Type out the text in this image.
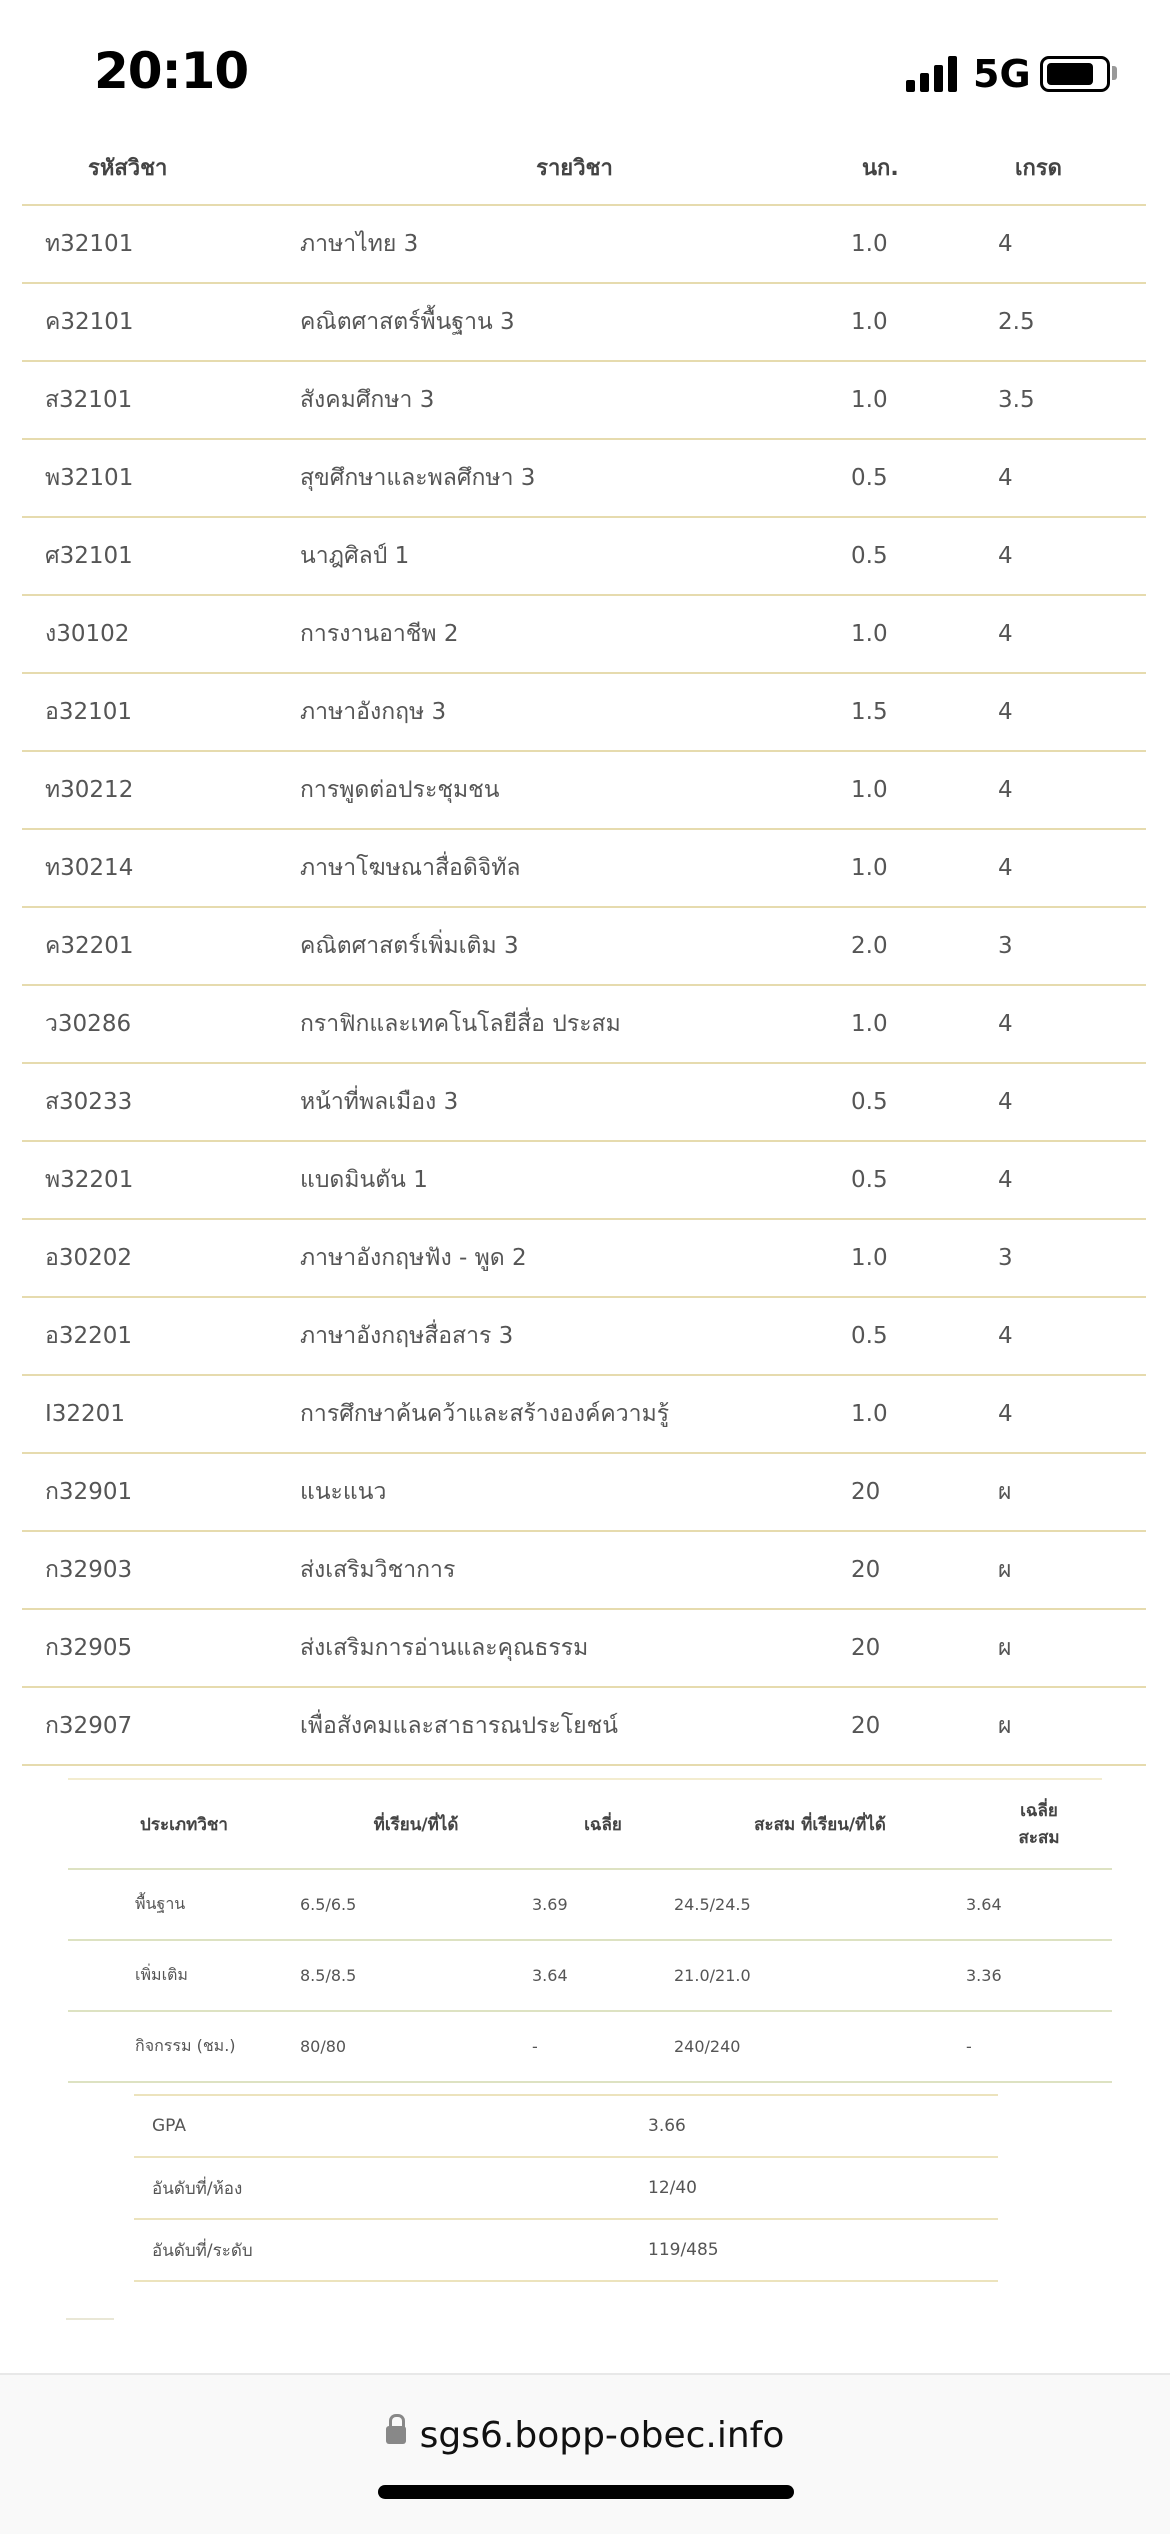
20:10	5G
รหัสวิชา	รายวิชา	นก.	เกรด
ท32101	ภาษาไทย 3	1.0	4
ค32101	คณิตศาสตร์พื้นฐาน 3	1.0	2.5
ส32101	สังคมศึกษา 3	1.0	3.5
พ32101	สุขศึกษาและพลศึกษา 3	0.5	4
ศ32101	นาฎศิลป์ 1	0.5	4
ง30102	การงานอาชีพ 2	1.0	4
อ32101	ภาษาอังกฤษ 3	1.5	4
ท30212	การพูดต่อประชุมชน	1.0	4
ท30214	ภาษาโฆษณาสื่อดิจิทัล	1.0	4
ค32201	คณิตศาสตร์เพิ่มเติม 3	2.0	3
ว30286	กราฟิกและเทคโนโลยีสื่อ ประสม	1.0	4
ส30233	หน้าที่พลเมือง 3	0.5	4
พ32201	แบดมินตัน 1	0.5	4
อ30202	ภาษาอังกฤษฟัง - พูด 2	1.0	3
อ32201	ภาษาอังกฤษสื่อสาร 3	0.5	4
I32201	การศึกษาค้นคว้าและสร้างองค์ความรู้	1.0	4
ก32901	แนะแนว	20	ผ
ก32903	ส่งเสริมวิชาการ	20	ผ
ก32905	ส่งเสริมการอ่านและคุณธรรม	20	ผ
ก32907	เพื่อสังคมและสาธารณประโยชน์	20	ผ
ประเภทวิชา	ที่เรียน/ที่ได้	เฉลี่ย	สะสม ที่เรียน/ที่ได้	เฉลี่ย
สะสม
พื้นฐาน	6.5/6.5	3.69	24.5/24.5	3.64
เพิ่มเติม	8.5/8.5	3.64	21.0/21.0	3.36
กิจกรรม (ชม.)	80/80	-	240/240	-
GPA	3.66
อันดับที่/ห้อง	12/40
อันดับที่/ระดับ	119/485
sgs6.bopp-obec.info
